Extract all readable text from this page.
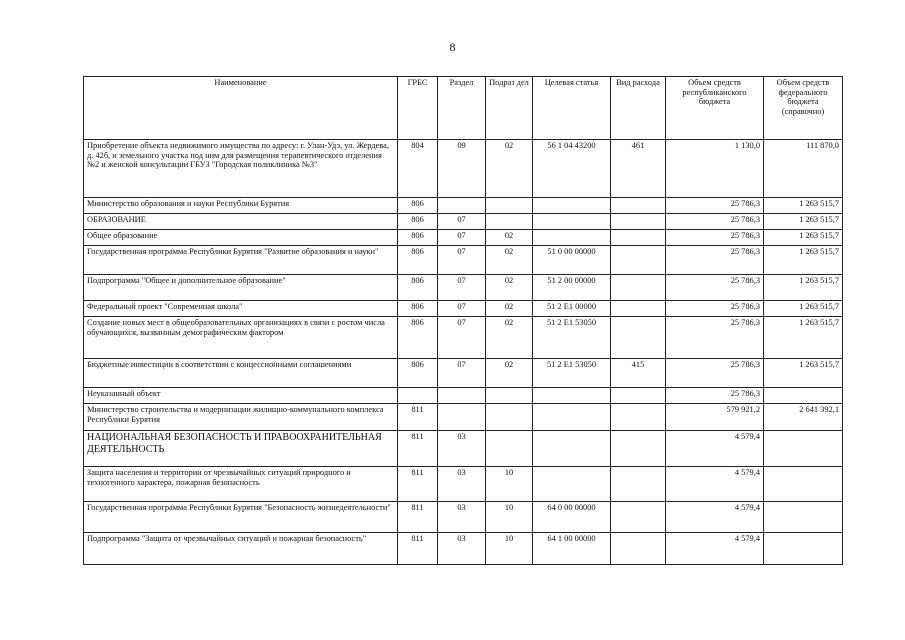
8
Наименование	ГРБС	Раздел	Подраз дел	Целевая статья	Вид расхода	Объем средств республиканского бюджета	Объем средств федерального бюджета (справочно)
Приобретение объекта недвижимого имущества по адресу: г. Улан-Удэ, ул. Жердева, д. 42б, и земельного участка под ним для размещения терапевтического отделения №2 и женской консультации ГБУЗ "Городская поликлиника №3"	804	09	02	56 1 04 43200	461	1 130,0	111 870,0
Министерство образования и науки Республики Бурятия	806					25 786,3	1 263 515,7
ОБРАЗОВАНИЕ	806	07				25 786,3	1 263 515,7
Общее образование	806	07	02			25 786,3	1 263 515,7
Государственная программа Республики Бурятия "Развитие образования и науки"	806	07	02	51 0 00 00000		25 786,3	1 263 515,7
Подпрограмма "Общее и дополнительное образование"	806	07	02	51 2 00 00000		25 786,3	1 263 515,7
Федеральный проект "Современная школа"	806	07	02	51 2 E1 00000		25 786,3	1 263 515,7
Создание новых мест в общеобразовательных организациях в связи с ростом числа обучающихся, вызванным демографическим фактором	806	07	02	51 2 E1 53050		25 786,3	1 263 515,7
Бюджетные инвестиции в соответствии с концессионными соглашениями	806	07	02	51 2 E1 53050	415	25 786,3	1 263 515,7
Неуказанный объект						25 786,3	
Министерство строительства и модернизации жилищно-коммунального комплекса Республики Бурятия	811					579 921,2	2 641 392,1
НАЦИОНАЛЬНАЯ БЕЗОПАСНОСТЬ И ПРАВООХРАНИТЕЛЬНАЯ ДЕЯТЕЛЬНОСТЬ	811	03				4 579,4	
Защита населения и территории от чрезвычайных ситуаций природного и техногенного характера, пожарная безопасность	811	03	10			4 579,4	
Государственная программа Республики Бурятия "Безопасность жизнедеятельности"	811	03	10	64 0 00 00000		4 579,4	
Подпрограмма "Защита от чрезвычайных ситуаций и пожарная безопасность"	811	03	10	64 1 00 00000		4 579,4	
